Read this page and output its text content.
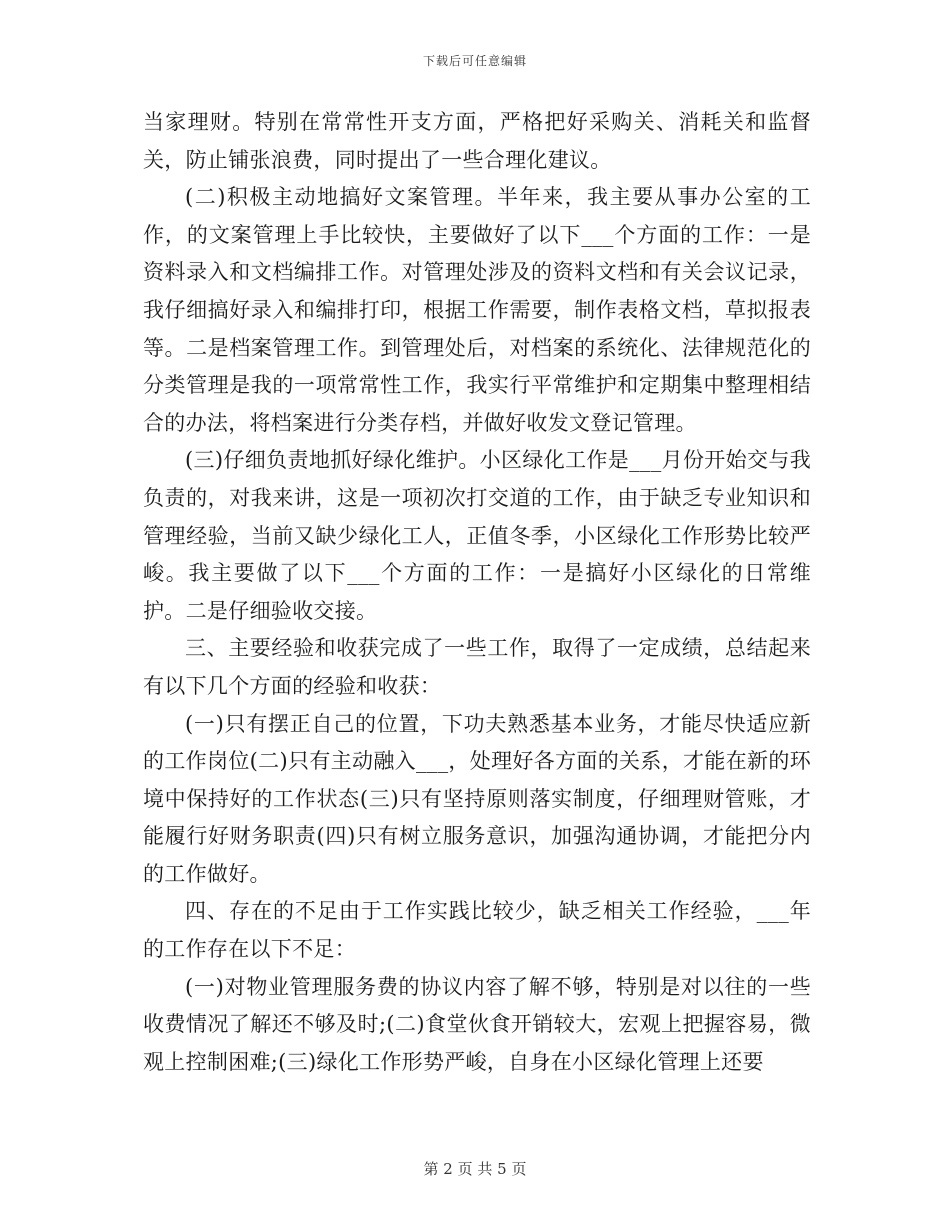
下载后可任意编辑

当家理财。特别在常常性开支方面，严格把好采购关、消耗关和监督关，防止铺张浪费，同时提出了一些合理化建议。

(二)积极主动地搞好文案管理。半年来，我主要从事办公室的工作，的文案管理上手比较快，主要做好了以下___个方面的工作：一是资料录入和文档编排工作。对管理处涉及的资料文档和有关会议记录，我仔细搞好录入和编排打印，根据工作需要，制作表格文档，草拟报表等。二是档案管理工作。到管理处后，对档案的系统化、法律规范化的分类管理是我的一项常常性工作，我实行平常维护和定期集中整理相结合的办法，将档案进行分类存档，并做好收发文登记管理。

(三)仔细负责地抓好绿化维护。小区绿化工作是___月份开始交与我负责的，对我来讲，这是一项初次打交道的工作，由于缺乏专业知识和管理经验，当前又缺少绿化工人，正值冬季，小区绿化工作形势比较严峻。我主要做了以下___个方面的工作：一是搞好小区绿化的日常维护。二是仔细验收交接。

三、主要经验和收获完成了一些工作，取得了一定成绩，总结起来有以下几个方面的经验和收获：

(一)只有摆正自己的位置，下功夫熟悉基本业务，才能尽快适应新的工作岗位(二)只有主动融入___，处理好各方面的关系，才能在新的环境中保持好的工作状态(三)只有坚持原则落实制度，仔细理财管账，才能履行好财务职责(四)只有树立服务意识，加强沟通协调，才能把分内的工作做好。

四、存在的不足由于工作实践比较少，缺乏相关工作经验，___年的工作存在以下不足：

(一)对物业管理服务费的协议内容了解不够，特别是对以往的一些收费情况了解还不够及时;(二)食堂伙食开销较大，宏观上把握容易，微观上控制困难;(三)绿化工作形势严峻，自身在小区绿化管理上还要

第 2 页 共 5 页
